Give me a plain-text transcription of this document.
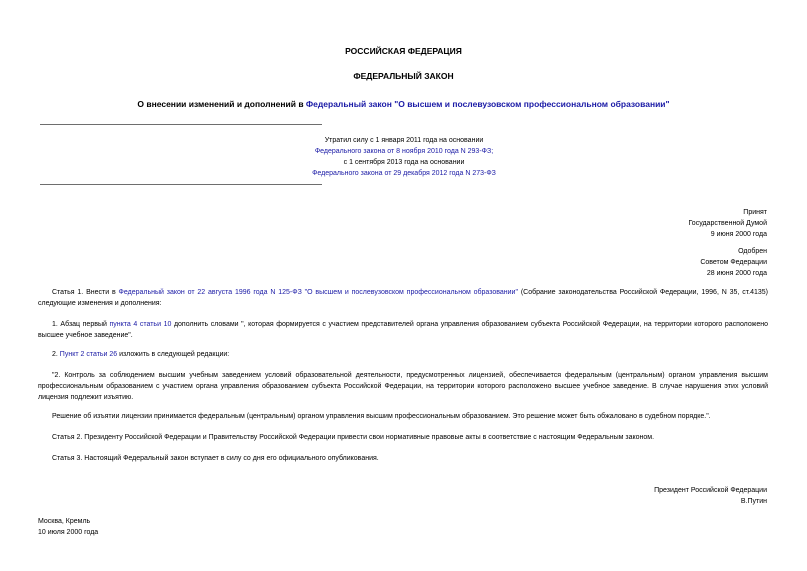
РОССИЙСКАЯ ФЕДЕРАЦИЯ
ФЕДЕРАЛЬНЫЙ ЗАКОН
О внесении изменений и дополнений в Федеральный закон "О высшем и послевузовском профессиональном образовании"
Утратил силу с 1 января 2011 года на основании
Федерального закона от 8 ноября 2010 года N 293-ФЗ;
с 1 сентября 2013 года на основании
Федерального закона от 29 декабря 2012 года N 273-ФЗ
Принят
Государственной Думой
9 июня 2000 года
Одобрен
Советом Федерации
28 июня 2000 года
Статья 1. Внести в Федеральный закон от 22 августа 1996 года N 125-ФЗ "О высшем и послевузовском профессиональном образовании" (Собрание законодательства Российской Федерации, 1996, N 35, ст.4135) следующие изменения и дополнения:
1. Абзац первый пункта 4 статьи 10 дополнить словами ", которая формируется с участием представителей органа управления образованием субъекта Российской Федерации, на территории которого расположено высшее учебное заведение".
2. Пункт 2 статьи 26 изложить в следующей редакции:
"2. Контроль за соблюдением высшим учебным заведением условий образовательной деятельности, предусмотренных лицензией, обеспечивается федеральным (центральным) органом управления высшим профессиональным образованием с участием органа управления образованием субъекта Российской Федерации, на территории которого расположено высшее учебное заведение. В случае нарушения этих условий лицензия подлежит изъятию.
Решение об изъятии лицензии принимается федеральным (центральным) органом управления высшим профессиональным образованием. Это решение может быть обжаловано в судебном порядке.".
Статья 2. Президенту Российской Федерации и Правительству Российской Федерации привести свои нормативные правовые акты в соответствие с настоящим Федеральным законом.
Статья 3. Настоящий Федеральный закон вступает в силу со дня его официального опубликования.
Президент Российской Федерации
В.Путин
Москва, Кремль
10 июля 2000 года
